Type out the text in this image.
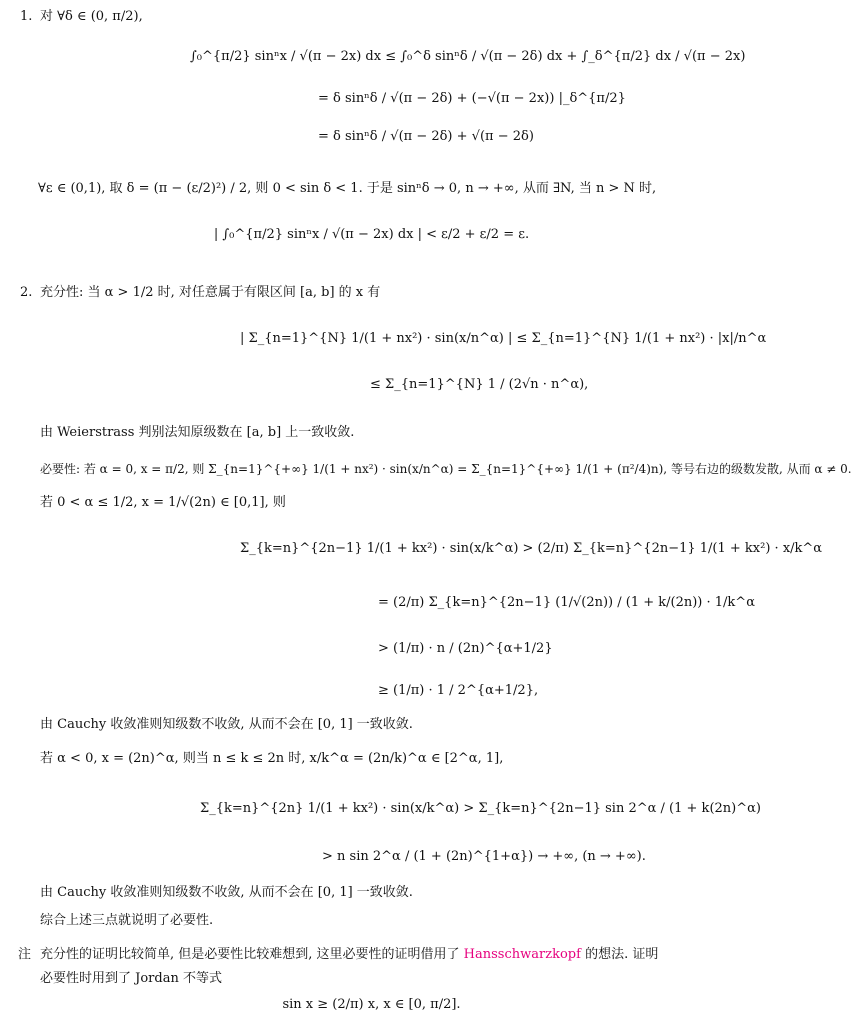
1. 对 ∀δ ∈ (0, π/2),
∫₀^{π/2} sinⁿx / √(π − 2x) dx ≤ ∫₀^δ sinⁿδ / √(π − 2δ) dx + ∫_δ^{π/2} dx / √(π − 2x)
= δ sinⁿδ / √(π − 2δ) + (−√(π − 2x)) |_δ^{π/2}
= δ sinⁿδ / √(π − 2δ) + √(π − 2δ)
∀ε ∈ (0,1), 取 δ = (π − (ε/2)²) / 2, 则 0 < sin δ < 1. 于是 sinⁿδ → 0, n → +∞, 从而 ∃N, 当 n > N 时,
| ∫₀^{π/2} sinⁿx / √(π − 2x) dx | < ε/2 + ε/2 = ε.
2. 充分性: 当 α > 1/2 时, 对任意属于有限区间 [a, b] 的 x 有
| Σ_{n=1}^{N} 1/(1 + nx²) · sin(x/n^α) | ≤ Σ_{n=1}^{N} 1/(1 + nx²) · |x|/n^α
≤ Σ_{n=1}^{N} 1 / (2√n · n^α),
由 Weierstrass 判别法知原级数在 [a, b] 上一致收敛.
必要性: 若 α = 0, x = π/2, 则 Σ_{n=1}^{+∞} 1/(1 + nx²) · sin(x/n^α) = Σ_{n=1}^{+∞} 1/(1 + (π²/4)n), 等号右边的级数发散, 从而 α ≠ 0.
若 0 < α ≤ 1/2, x = 1/√(2n) ∈ [0,1], 则
Σ_{k=n}^{2n−1} 1/(1 + kx²) · sin(x/k^α) > (2/π) Σ_{k=n}^{2n−1} 1/(1 + kx²) · x/k^α
= (2/π) Σ_{k=n}^{2n−1} (1/√(2n)) / (1 + k/(2n)) · 1/k^α
> (1/π) · n / (2n)^{α+1/2}
≥ (1/π) · 1 / 2^{α+1/2},
由 Cauchy 收敛准则知级数不收敛, 从而不会在 [0, 1] 一致收敛.
若 α < 0, x = (2n)^α, 则当 n ≤ k ≤ 2n 时, x/k^α = (2n/k)^α ∈ [2^α, 1],
Σ_{k=n}^{2n} 1/(1 + kx²) · sin(x/k^α) > Σ_{k=n}^{2n−1} sin 2^α / (1 + k(2n)^α)
> n sin 2^α / (1 + (2n)^{1+α}) → +∞, (n → +∞).
由 Cauchy 收敛准则知级数不收敛, 从而不会在 [0, 1] 一致收敛.
综合上述三点就说明了必要性.
注 充分性的证明比较简单, 但是必要性比较难想到, 这里必要性的证明借用了 Hansschwarzkopf 的想法. 证明
必要性时用到了 Jordan 不等式
sin x ≥ (2/π) x, x ∈ [0, π/2].
